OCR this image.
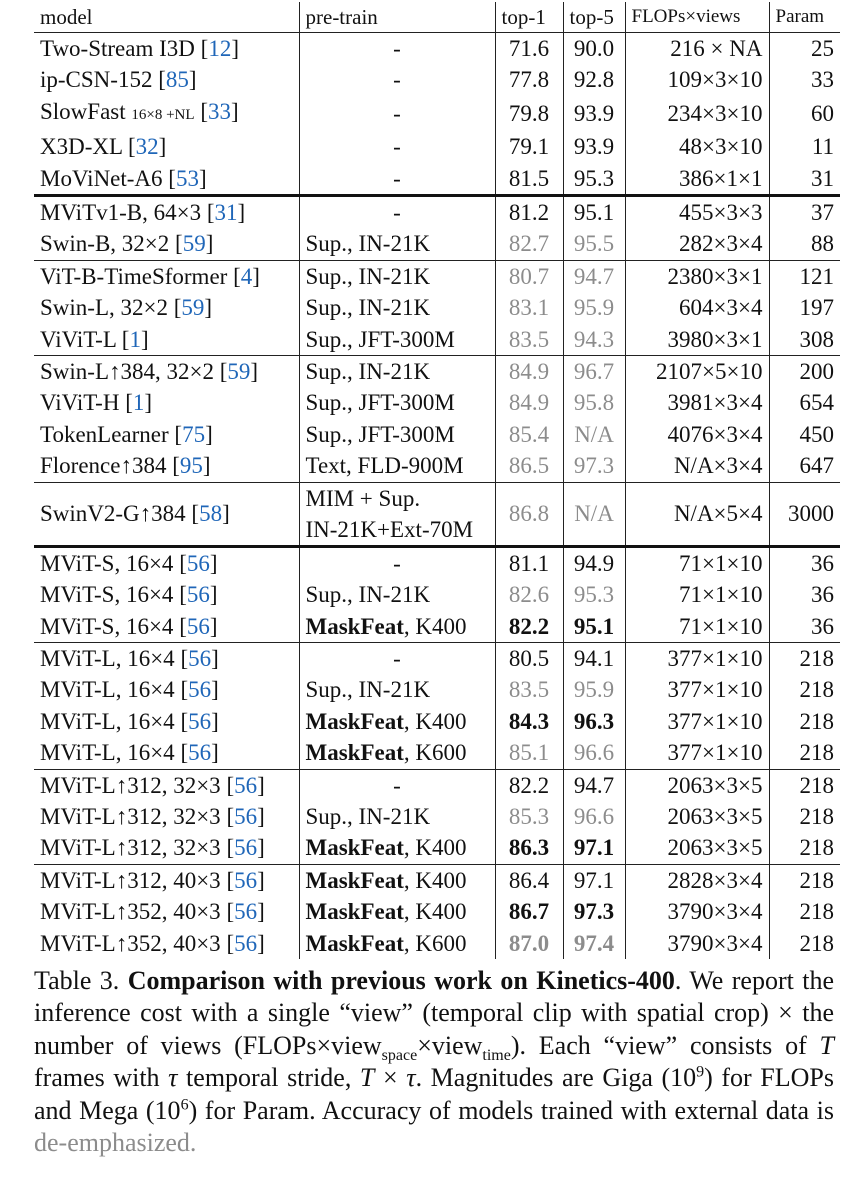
model	pre-train	top-1	top-5	FLOPs×views	Param
Two-Stream I3D [12]	-	71.6	90.0	216 × NA	25
ip-CSN-152 [85]	-	77.8	92.8	109×3×10	33
SlowFast 16×8 +NL [33]	-	79.8	93.9	234×3×10	60
X3D-XL [32]	-	79.1	93.9	48×3×10	11
MoViNet-A6 [53]	-	81.5	95.3	386×1×1	31
MViTv1-B, 64×3 [31]	-	81.2	95.1	455×3×3	37
Swin-B, 32×2 [59]	Sup., IN-21K	82.7	95.5	282×3×4	88
ViT-B-TimeSformer [4]	Sup., IN-21K	80.7	94.7	2380×3×1	121
Swin-L, 32×2 [59]	Sup., IN-21K	83.1	95.9	604×3×4	197
ViViT-L [1]	Sup., JFT-300M	83.5	94.3	3980×3×1	308
Swin-L↑384, 32×2 [59]	Sup., IN-21K	84.9	96.7	2107×5×10	200
ViViT-H [1]	Sup., JFT-300M	84.9	95.8	3981×3×4	654
TokenLearner [75]	Sup., JFT-300M	85.4	N/A	4076×3×4	450
Florence↑384 [95]	Text, FLD-900M	86.5	97.3	N/A×3×4	647
SwinV2-G↑384 [58]	MIM + Sup.
IN-21K+Ext-70M	86.8	N/A	N/A×5×4	3000
MViT-S, 16×4 [56]	-	81.1	94.9	71×1×10	36
MViT-S, 16×4 [56]	Sup., IN-21K	82.6	95.3	71×1×10	36
MViT-S, 16×4 [56]	MaskFeat, K400	82.2	95.1	71×1×10	36
MViT-L, 16×4 [56]	-	80.5	94.1	377×1×10	218
MViT-L, 16×4 [56]	Sup., IN-21K	83.5	95.9	377×1×10	218
MViT-L, 16×4 [56]	MaskFeat, K400	84.3	96.3	377×1×10	218
MViT-L, 16×4 [56]	MaskFeat, K600	85.1	96.6	377×1×10	218
MViT-L↑312, 32×3 [56]	-	82.2	94.7	2063×3×5	218
MViT-L↑312, 32×3 [56]	Sup., IN-21K	85.3	96.6	2063×3×5	218
MViT-L↑312, 32×3 [56]	MaskFeat, K400	86.3	97.1	2063×3×5	218
MViT-L↑312, 40×3 [56]	MaskFeat, K400	86.4	97.1	2828×3×4	218
MViT-L↑352, 40×3 [56]	MaskFeat, K400	86.7	97.3	3790×3×4	218
MViT-L↑352, 40×3 [56]	MaskFeat, K600	87.0	97.4	3790×3×4	218
Table 3. Comparison with previous work on Kinetics-400. We report the inference cost with a single “view” (temporal clip with spatial crop) × the number of views (FLOPs×view$_{space}$×view$_{time}$). Each “view” consists of T frames with τ temporal stride, T × τ. Magnitudes are Giga $(10^9)$ for FLOPs and Mega $(10^6)$ for Param. Accuracy of models trained with external data is de-emphasized.
